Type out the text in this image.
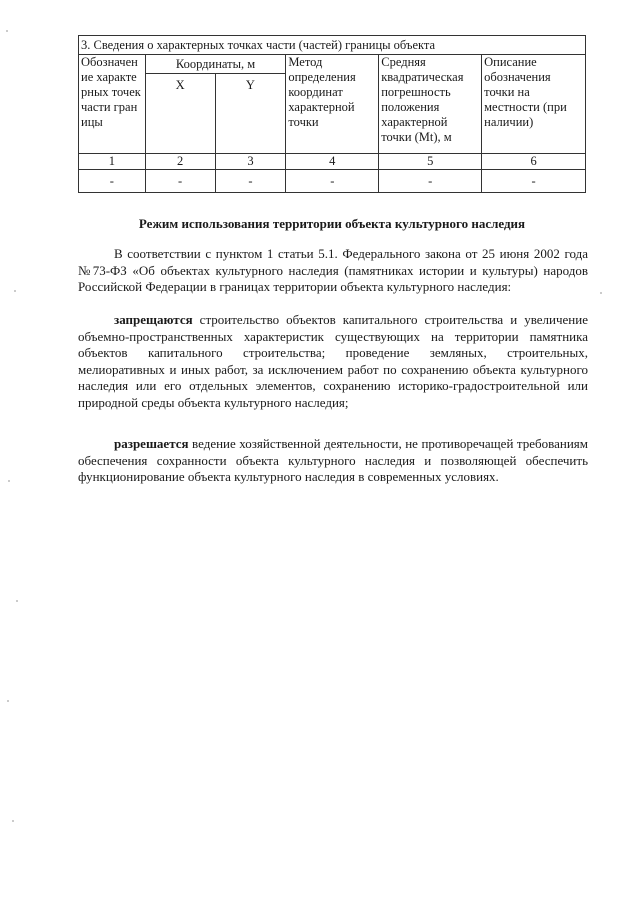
3. Сведения о характерных точках части (частей) границы объекта					
Обозначение характерных точек части границы	Координаты, м		Метод определения координат характерной точки	Средняя квадратическая погрешность положения характерной точки (Mt), м	Описание обозначения точки на местности (при наличии)
	X	Y			
1	2	3	4	5	6
-	-	-	-	-	-
Режим использования территории объекта культурного наследия

В соответствии с пунктом 1 статьи 5.1. Федерального закона от 25 июня 2002 года №73-ФЗ «Об объектах культурного наследия (памятниках истории и культуры) народов Российской Федерации в границах территории объекта культурного наследия:

запрещаются строительство объектов капитального строительства и увеличение объемно-пространственных характеристик существующих на территории памятника объектов капитального строительства; проведение земляных, строительных, мелиоративных и иных работ, за исключением работ по сохранению объекта культурного наследия или его отдельных элементов, сохранению историко-градостроительной или природной среды объекта культурного наследия;

разрешается ведение хозяйственной деятельности, не противоречащей требованиям обеспечения сохранности объекта культурного наследия и позволяющей обеспечить функционирование объекта культурного наследия в современных условиях.
